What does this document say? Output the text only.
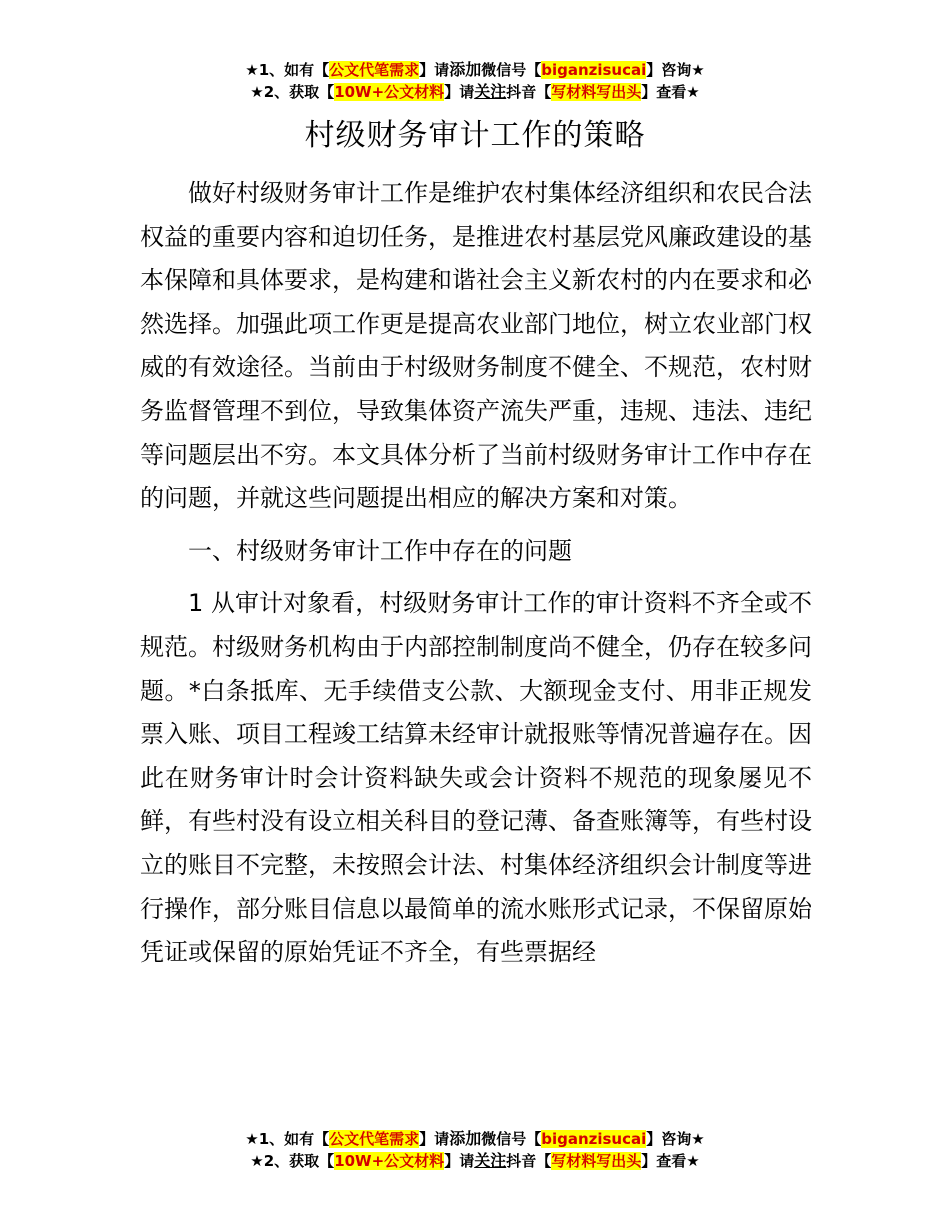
★1、如有【公文代笔需求】请添加微信号【biganzisucai】咨询★
★2、获取【10W+公文材料】请关注抖音【写材料写出头】查看★
村级财务审计工作的策略

做好村级财务审计工作是维护农村集体经济组织和农民合法权益的重要内容和迫切任务，是推进农村基层党风廉政建设的基本保障和具体要求，是构建和谐社会主义新农村的内在要求和必然选择。加强此项工作更是提高农业部门地位，树立农业部门权威的有效途径。当前由于村级财务制度不健全、不规范，农村财务监督管理不到位，导致集体资产流失严重，违规、违法、违纪等问题层出不穷。本文具体分析了当前村级财务审计工作中存在的问题，并就这些问题提出相应的解决方案和对策。

一、村级财务审计工作中存在的问题

1 从审计对象看，村级财务审计工作的审计资料不齐全或不规范。村级财务机构由于内部控制制度尚不健全，仍存在较多问题。*白条抵库、无手续借支公款、大额现金支付、用非正规发票入账、项目工程竣工结算未经审计就报账等情况普遍存在。因此在财务审计时会计资料缺失或会计资料不规范的现象屡见不鲜，有些村没有设立相关科目的登记薄、备查账簿等，有些村设立的账目不完整，未按照会计法、村集体经济组织会计制度等进行操作，部分账目信息以最简单的流水账形式记录，不保留原始凭证或保留的原始凭证不齐全，有些票据经

★1、如有【公文代笔需求】请添加微信号【biganzisucai】咨询★
★2、获取【10W+公文材料】请关注抖音【写材料写出头】查看★
